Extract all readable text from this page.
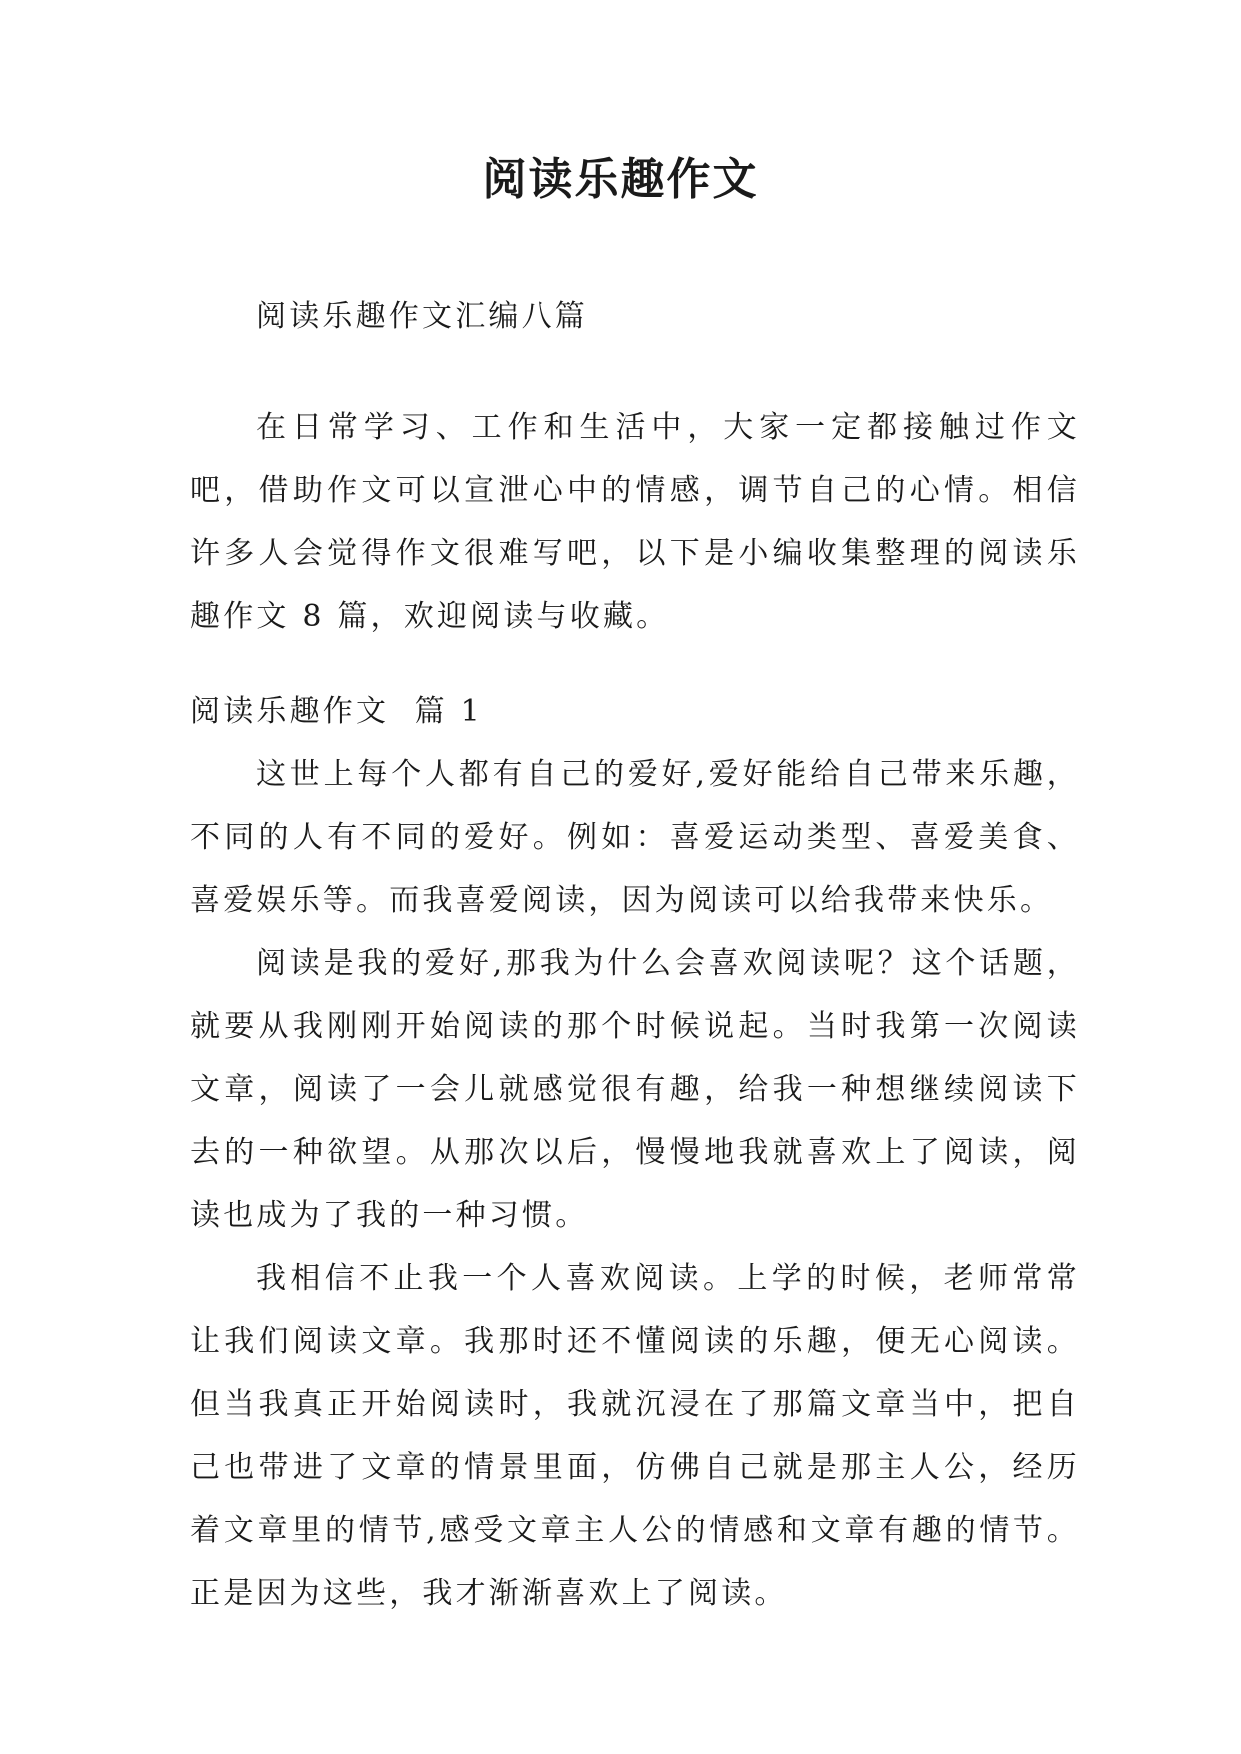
阅读乐趣作文

阅读乐趣作文汇编八篇

在日常学习、工作和生活中，大家一定都接触过作文吧，借助作文可以宣泄心中的情感，调节自己的心情。相信许多人会觉得作文很难写吧，以下是小编收集整理的阅读乐趣作文 8 篇，欢迎阅读与收藏。

阅读乐趣作文  篇 1

这世上每个人都有自己的爱好,爱好能给自己带来乐趣，不同的人有不同的爱好。例如：喜爱运动类型、喜爱美食、喜爱娱乐等。而我喜爱阅读，因为阅读可以给我带来快乐。

阅读是我的爱好,那我为什么会喜欢阅读呢？这个话题，就要从我刚刚开始阅读的那个时候说起。当时我第一次阅读文章，阅读了一会儿就感觉很有趣，给我一种想继续阅读下去的一种欲望。从那次以后，慢慢地我就喜欢上了阅读，阅读也成为了我的一种习惯。

我相信不止我一个人喜欢阅读。上学的时候，老师常常让我们阅读文章。我那时还不懂阅读的乐趣，便无心阅读。但当我真正开始阅读时，我就沉浸在了那篇文章当中，把自己也带进了文章的情景里面，仿佛自己就是那主人公，经历着文章里的情节,感受文章主人公的情感和文章有趣的情节。正是因为这些，我才渐渐喜欢上了阅读。
